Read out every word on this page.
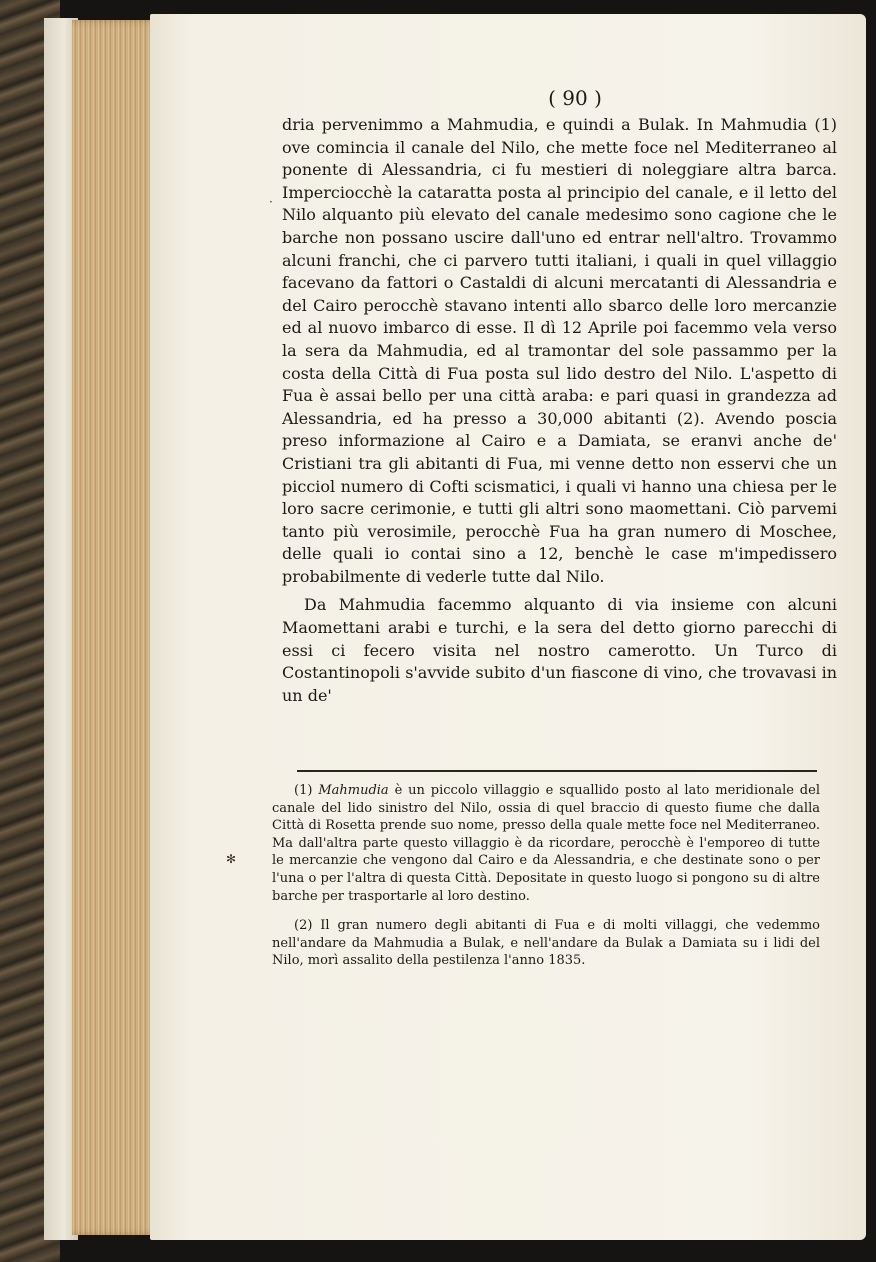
( 90 )

dria pervenimmo a Mahmudia, e quindi a Bulak. In Mahmudia (1) ove comincia il canale del Nilo, che mette foce nel Mediterraneo al ponente di Alessandria, ci fu mestieri di noleggiare altra barca. Imperciocchè la cataratta posta al principio del canale, e il letto del Nilo alquanto più elevato del canale medesimo sono cagione che le barche non possano uscire dall'uno ed entrar nell'altro. Trovammo alcuni franchi, che ci parvero tutti italiani, i quali in quel villaggio facevano da fattori o Castaldi di alcuni mercatanti di Alessandria e del Cairo perocchè stavano intenti allo sbarco delle loro mercanzie ed al nuovo imbarco di esse. Il dì 12 Aprile poi facemmo vela verso la sera da Mahmudia, ed al tramontar del sole passammo per la costa della Città di Fua posta sul lido destro del Nilo. L'aspetto di Fua è assai bello per una città araba: e pari quasi in grandezza ad Alessandria, ed ha presso a 30,000 abitanti (2). Avendo poscia preso informazione al Cairo e a Damiata, se eranvi anche de' Cristiani tra gli abitanti di Fua, mi venne detto non esservi che un picciol numero di Cofti scismatici, i quali vi hanno una chiesa per le loro sacre cerimonie, e tutti gli altri sono maomettani. Ciò parvemi tanto più verosimile, perocchè Fua ha gran numero di Moschee, delle quali io contai sino a 12, benchè le case m'impedissero probabilmente di vederle tutte dal Nilo.

Da Mahmudia facemmo alquanto di via insieme con alcuni Maomettani arabi e turchi, e la sera del detto giorno parecchi di essi ci fecero visita nel nostro camerotto. Un Turco di Costantinopoli s'avvide subito d'un fiascone di vino, che trovavasi in un de'

·
✻

(1) Mahmudia è un piccolo villaggio e squallido posto al lato meridionale del canale del lido sinistro del Nilo, ossia di quel braccio di questo fiume che dalla Città di Rosetta prende suo nome, presso della quale mette foce nel Mediterraneo. Ma dall'altra parte questo villaggio è da ricordare, perocchè è l'emporeo di tutte le mercanzie che vengono dal Cairo e da Alessandria, e che destinate sono o per l'una o per l'altra di questa Città. Depositate in questo luogo si pongono su di altre barche per trasportarle al loro destino.

(2) Il gran numero degli abitanti di Fua e di molti villaggi, che vedemmo nell'andare da Mahmudia a Bulak, e nell'andare da Bulak a Damiata su i lidi del Nilo, morì assalito della pestilenza l'anno 1835.
